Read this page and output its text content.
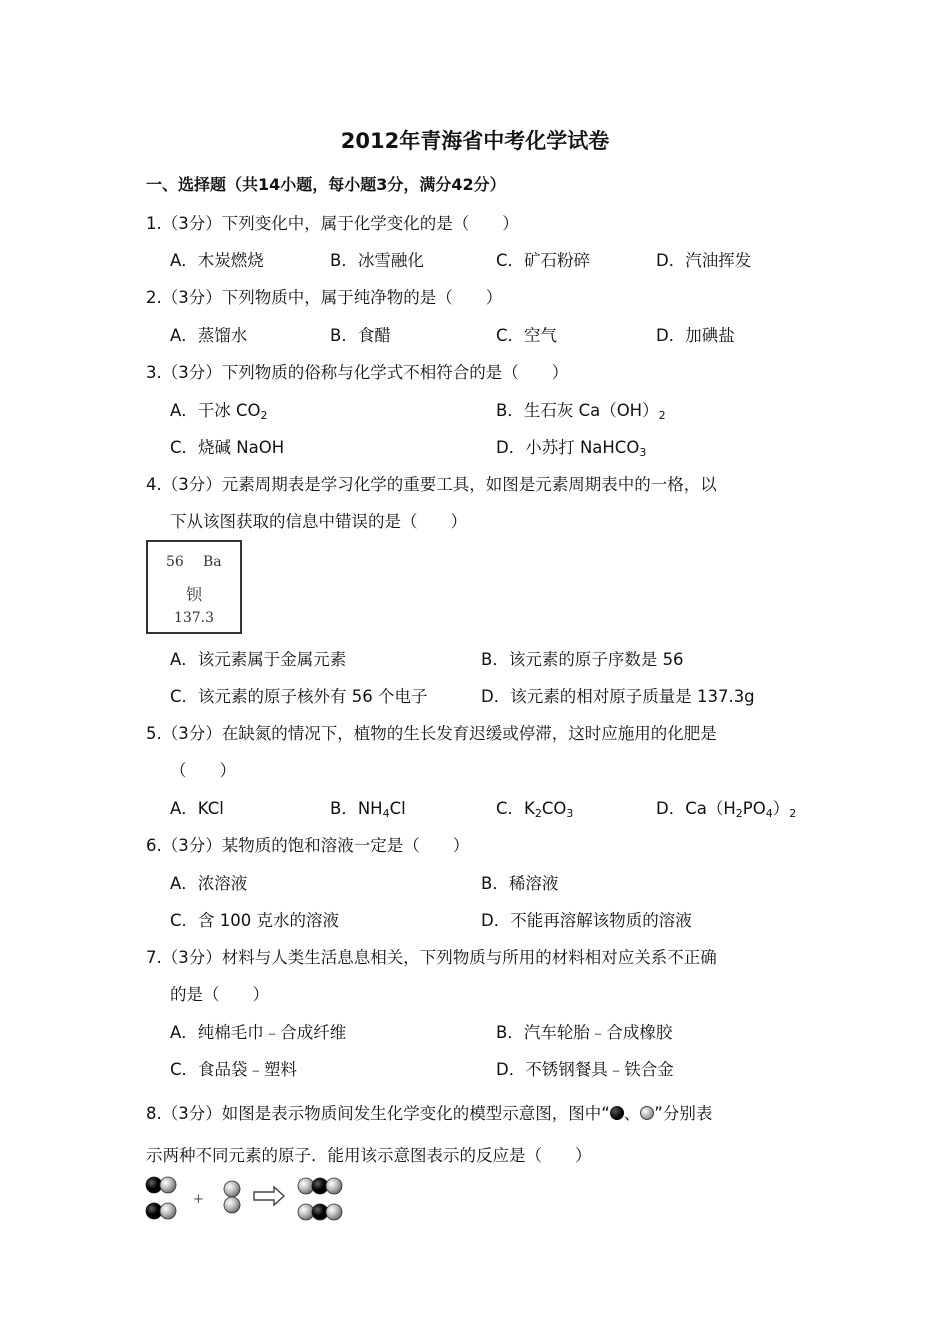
2012年青海省中考化学试卷
一、选择题（共14小题，每小题3分，满分42分）
1.（3分）下列变化中，属于化学变化的是（　　）
A．木炭燃烧	B．冰雪融化	C．矿石粉碎	D．汽油挥发
2.（3分）下列物质中，属于纯净物的是（　　）
A．蒸馏水	B．食醋	C．空气	D．加碘盐
3.（3分）下列物质的俗称与化学式不相符合的是（　　）
A．干冰 $CO_2$	B．生石灰 Ca（OH）2
C．烧碱 NaOH	D．小苏打 NaHCO$_3$
4.（3分）元素周期表是学习化学的重要工具，如图是元素周期表中的一格，以
下从该图获取的信息中错误的是（　　）
56 Ba
钡
137.3
A．该元素属于金属元素	B．该元素的原子序数是 56
C．该元素的原子核外有 56 个电子	D．该元素的相对原子质量是 137.3g
5.（3分）在缺氮的情况下，植物的生长发育迟缓或停滞，这时应施用的化肥是
（　　）
A．KCl	B．$NH_4Cl$	C．$K_2CO_3$	D．$Ca(H_2PO_4)2$
6.（3分）某物质的饱和溶液一定是（　　）
A．浓溶液	B．稀溶液
C．含 100 克水的溶液	D．不能再溶解该物质的溶液
7.（3分）材料与人类生活息息相关，下列物质与所用的材料相对应关系不正确
的是（　　）
A．纯棉毛巾﹣合成纤维	B．汽车轮胎﹣合成橡胶
C．食品袋﹣塑料	D．不锈钢餐具﹣铁合金
8.（3分）如图是表示物质间发生化学变化的模型示意图，图中“ 、 ”分别表
示两种不同元素的原子．能用该示意图表示的反应是（　　）
+
